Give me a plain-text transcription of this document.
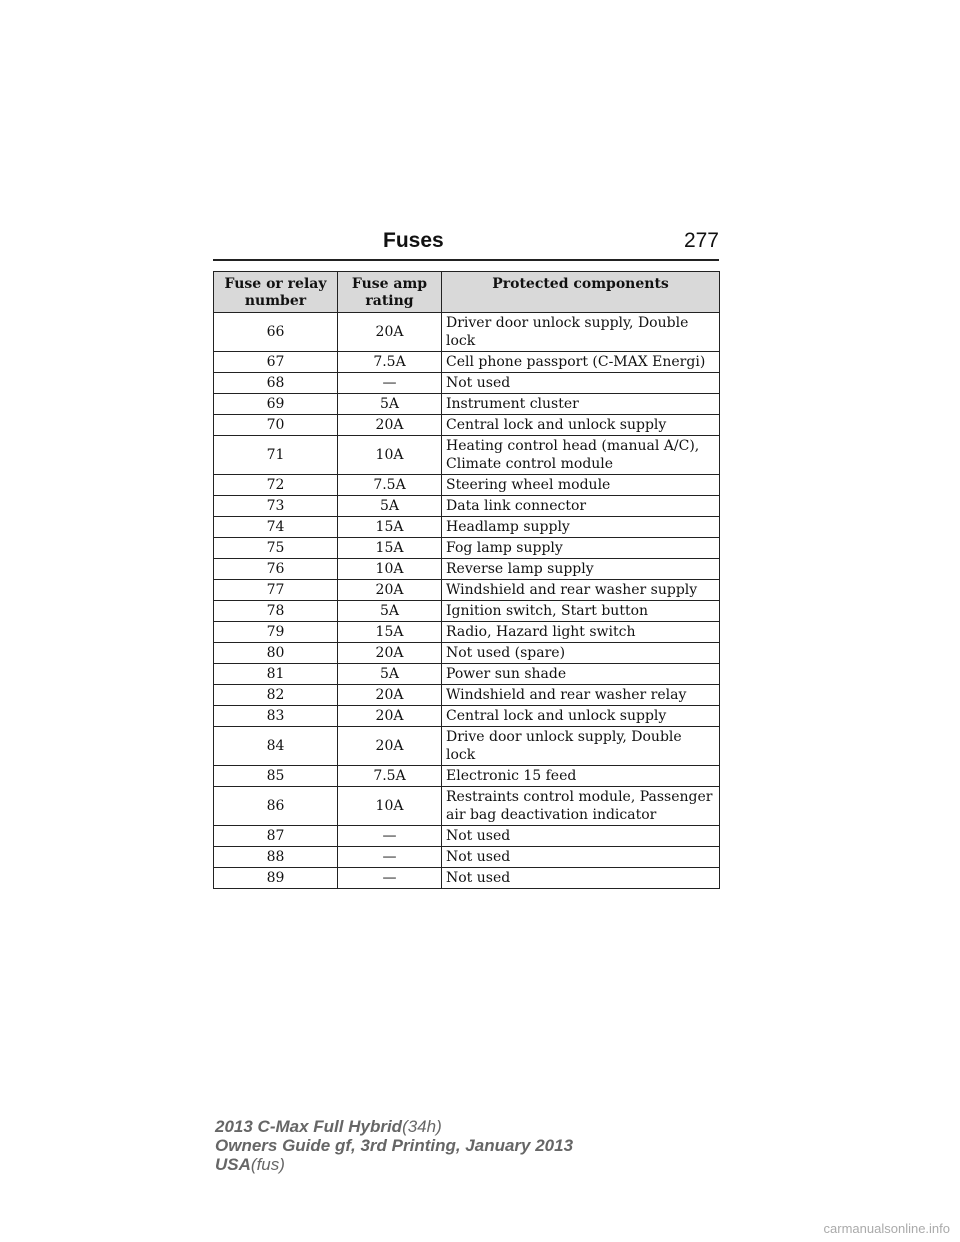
Fuses	277
Fuse or relay number	Fuse amp rating	Protected components
66	20A	Driver door unlock supply, Double lock
67	7.5A	Cell phone passport (C-MAX Energi)
68	—	Not used
69	5A	Instrument cluster
70	20A	Central lock and unlock supply
71	10A	Heating control head (manual A/C), Climate control module
72	7.5A	Steering wheel module
73	5A	Data link connector
74	15A	Headlamp supply
75	15A	Fog lamp supply
76	10A	Reverse lamp supply
77	20A	Windshield and rear washer supply
78	5A	Ignition switch, Start button
79	15A	Radio, Hazard light switch
80	20A	Not used (spare)
81	5A	Power sun shade
82	20A	Windshield and rear washer relay
83	20A	Central lock and unlock supply
84	20A	Drive door unlock supply, Double lock
85	7.5A	Electronic 15 feed
86	10A	Restraints control module, Passenger air bag deactivation indicator
87	—	Not used
88	—	Not used
89	—	Not used
2013 C-Max Full Hybrid(34h)
Owners Guide gf, 3rd Printing, January 2013
USA(fus)
carmanualsonline.info
